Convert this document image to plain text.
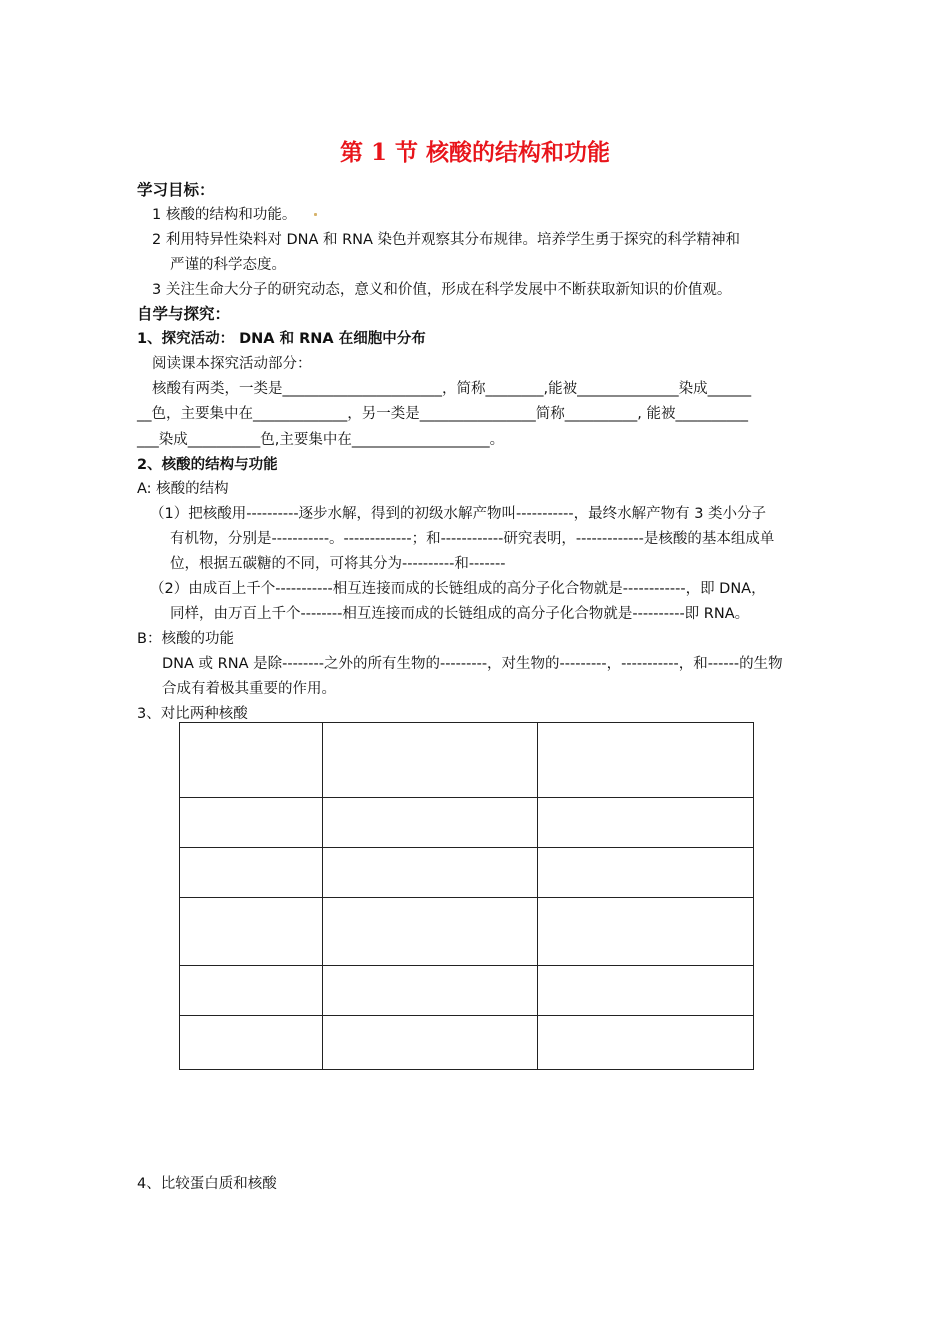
第 1 节 核酸的结构和功能
学习目标：
1 核酸的结构和功能。
2 利用特异性染料对 DNA 和 RNA 染色并观察其分布规律。培养学生勇于探究的科学精神和
严谨的科学态度。
3 关注生命大分子的研究动态，意义和价值，形成在科学发展中不断获取新知识的价值观。
自学与探究：
1、探究活动： DNA 和 RNA 在细胞中分布
阅读课本探究活动部分：
核酸有两类，一类是______________________，简称________,能被______________染成______
__色，主要集中在_____________，另一类是________________简称__________, 能被__________
___染成__________色,主要集中在___________________。
2、核酸的结构与功能
A: 核酸的结构
（1）把核酸用----------逐步水解，得到的初级水解产物叫-----------，最终水解产物有 3 类小分子
有机物，分别是-----------。-------------；和------------研究表明，-------------是核酸的基本组成单
位，根据五碳糖的不同，可将其分为----------和-------
（2）由成百上千个-----------相互连接而成的长链组成的高分子化合物就是------------，即 DNA，
同样，由万百上千个--------相互连接而成的长链组成的高分子化合物就是----------即 RNA。
B：核酸的功能
DNA 或 RNA 是除--------之外的所有生物的---------，对生物的---------，-----------，和------的生物
合成有着极其重要的作用。
3、对比两种核酸

4、比较蛋白质和核酸
